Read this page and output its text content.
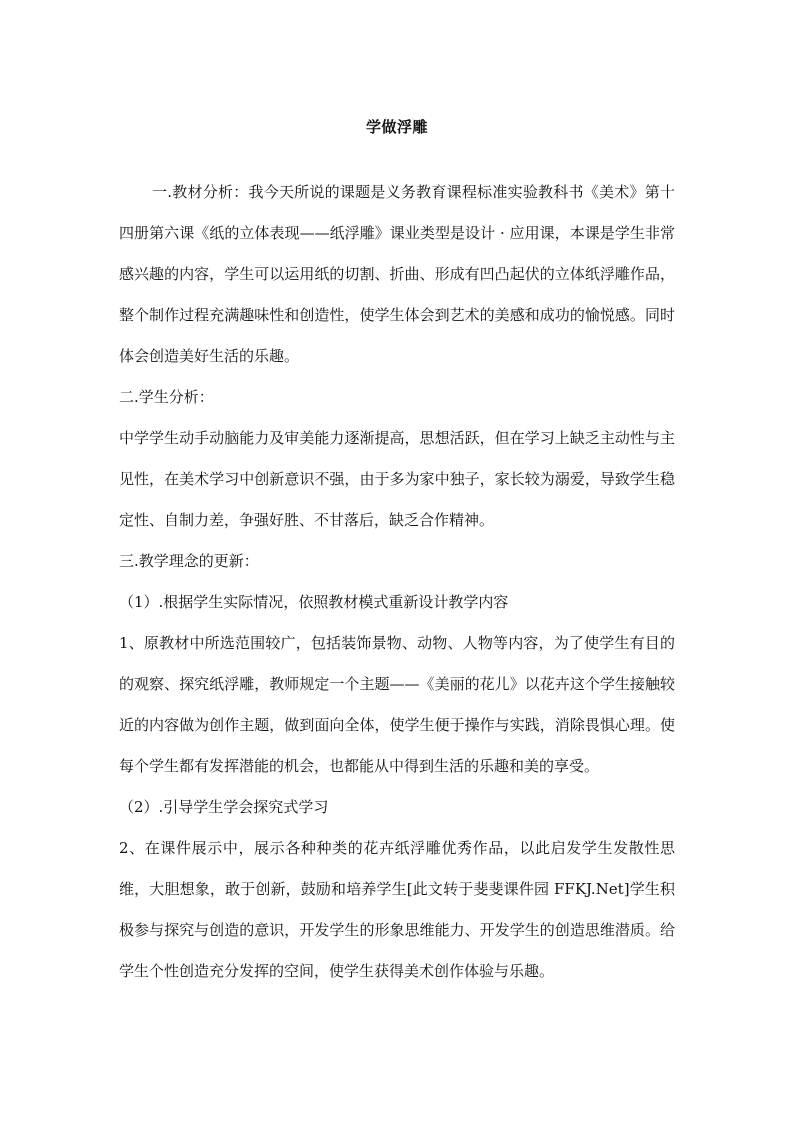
学做浮雕

一.教材分析：我今天所说的课题是义务教育课程标准实验教科书《美术》第十四册第六课《纸的立体表现——纸浮雕》课业类型是设计 · 应用课，本课是学生非常感兴趣的内容，学生可以运用纸的切割、折曲、形成有凹凸起伏的立体纸浮雕作品，整个制作过程充满趣味性和创造性，使学生体会到艺术的美感和成功的愉悦感。同时体会创造美好生活的乐趣。

二.学生分析：

中学学生动手动脑能力及审美能力逐渐提高，思想活跃，但在学习上缺乏主动性与主见性，在美术学习中创新意识不强，由于多为家中独子，家长较为溺爱，导致学生稳定性、自制力差，争强好胜、不甘落后，缺乏合作精神。

三.教学理念的更新：

（1）.根据学生实际情况，依照教材模式重新设计教学内容

1、原教材中所选范围较广，包括装饰景物、动物、人物等内容，为了使学生有目的的观察、探究纸浮雕，教师规定一个主题——《美丽的花儿》以花卉这个学生接触较近的内容做为创作主题，做到面向全体，使学生便于操作与实践，消除畏惧心理。使每个学生都有发挥潜能的机会，也都能从中得到生活的乐趣和美的享受。

（2）.引导学生学会探究式学习

2、在课件展示中，展示各种种类的花卉纸浮雕优秀作品，以此启发学生发散性思维，大胆想象，敢于创新，鼓励和培养学生[此文转于斐斐课件园 FFKJ.Net]学生积极参与探究与创造的意识，开发学生的形象思维能力、开发学生的创造思维潜质。给学生个性创造充分发挥的空间，使学生获得美术创作体验与乐趣。
